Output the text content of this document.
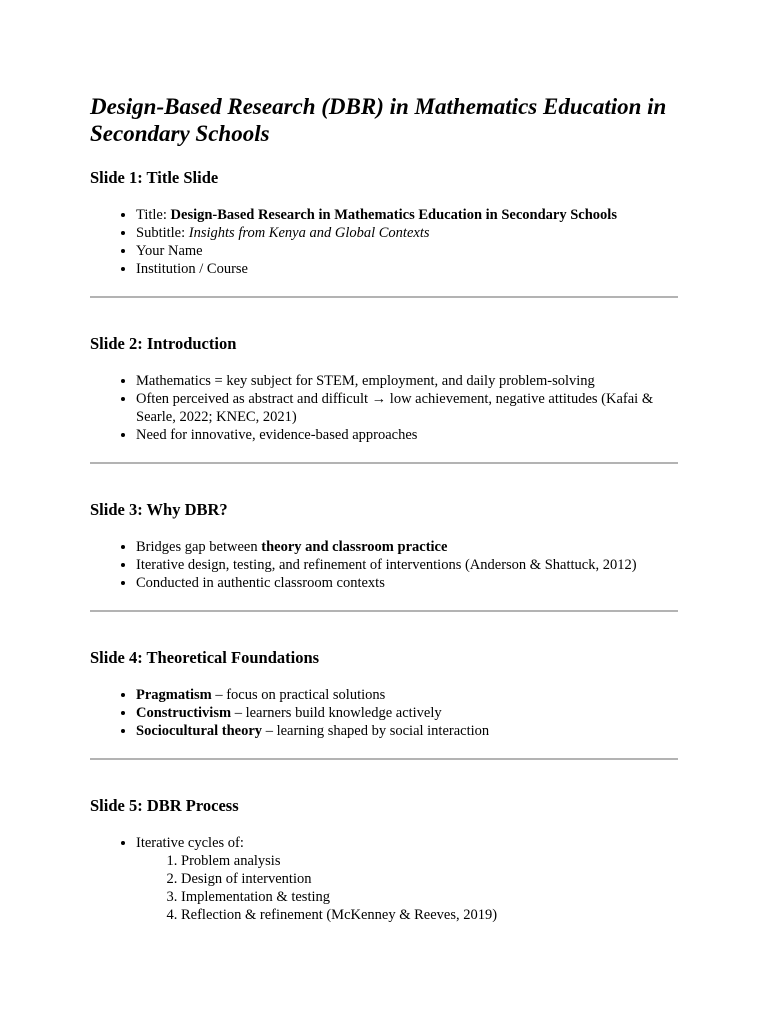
Design-Based Research (DBR) in Mathematics Education in Secondary Schools
Slide 1: Title Slide
• Title: Design-Based Research in Mathematics Education in Secondary Schools
• Subtitle: Insights from Kenya and Global Contexts
• Your Name
• Institution / Course
Slide 2: Introduction
• Mathematics = key subject for STEM, employment, and daily problem-solving
• Often perceived as abstract and difficult → low achievement, negative attitudes (Kafai & Searle, 2022; KNEC, 2021)
• Need for innovative, evidence-based approaches
Slide 3: Why DBR?
• Bridges gap between theory and classroom practice
• Iterative design, testing, and refinement of interventions (Anderson & Shattuck, 2012)
• Conducted in authentic classroom contexts
Slide 4: Theoretical Foundations
• Pragmatism – focus on practical solutions
• Constructivism – learners build knowledge actively
• Sociocultural theory – learning shaped by social interaction
Slide 5: DBR Process
• Iterative cycles of:
1. Problem analysis
2. Design of intervention
3. Implementation & testing
4. Reflection & refinement (McKenney & Reeves, 2019)
